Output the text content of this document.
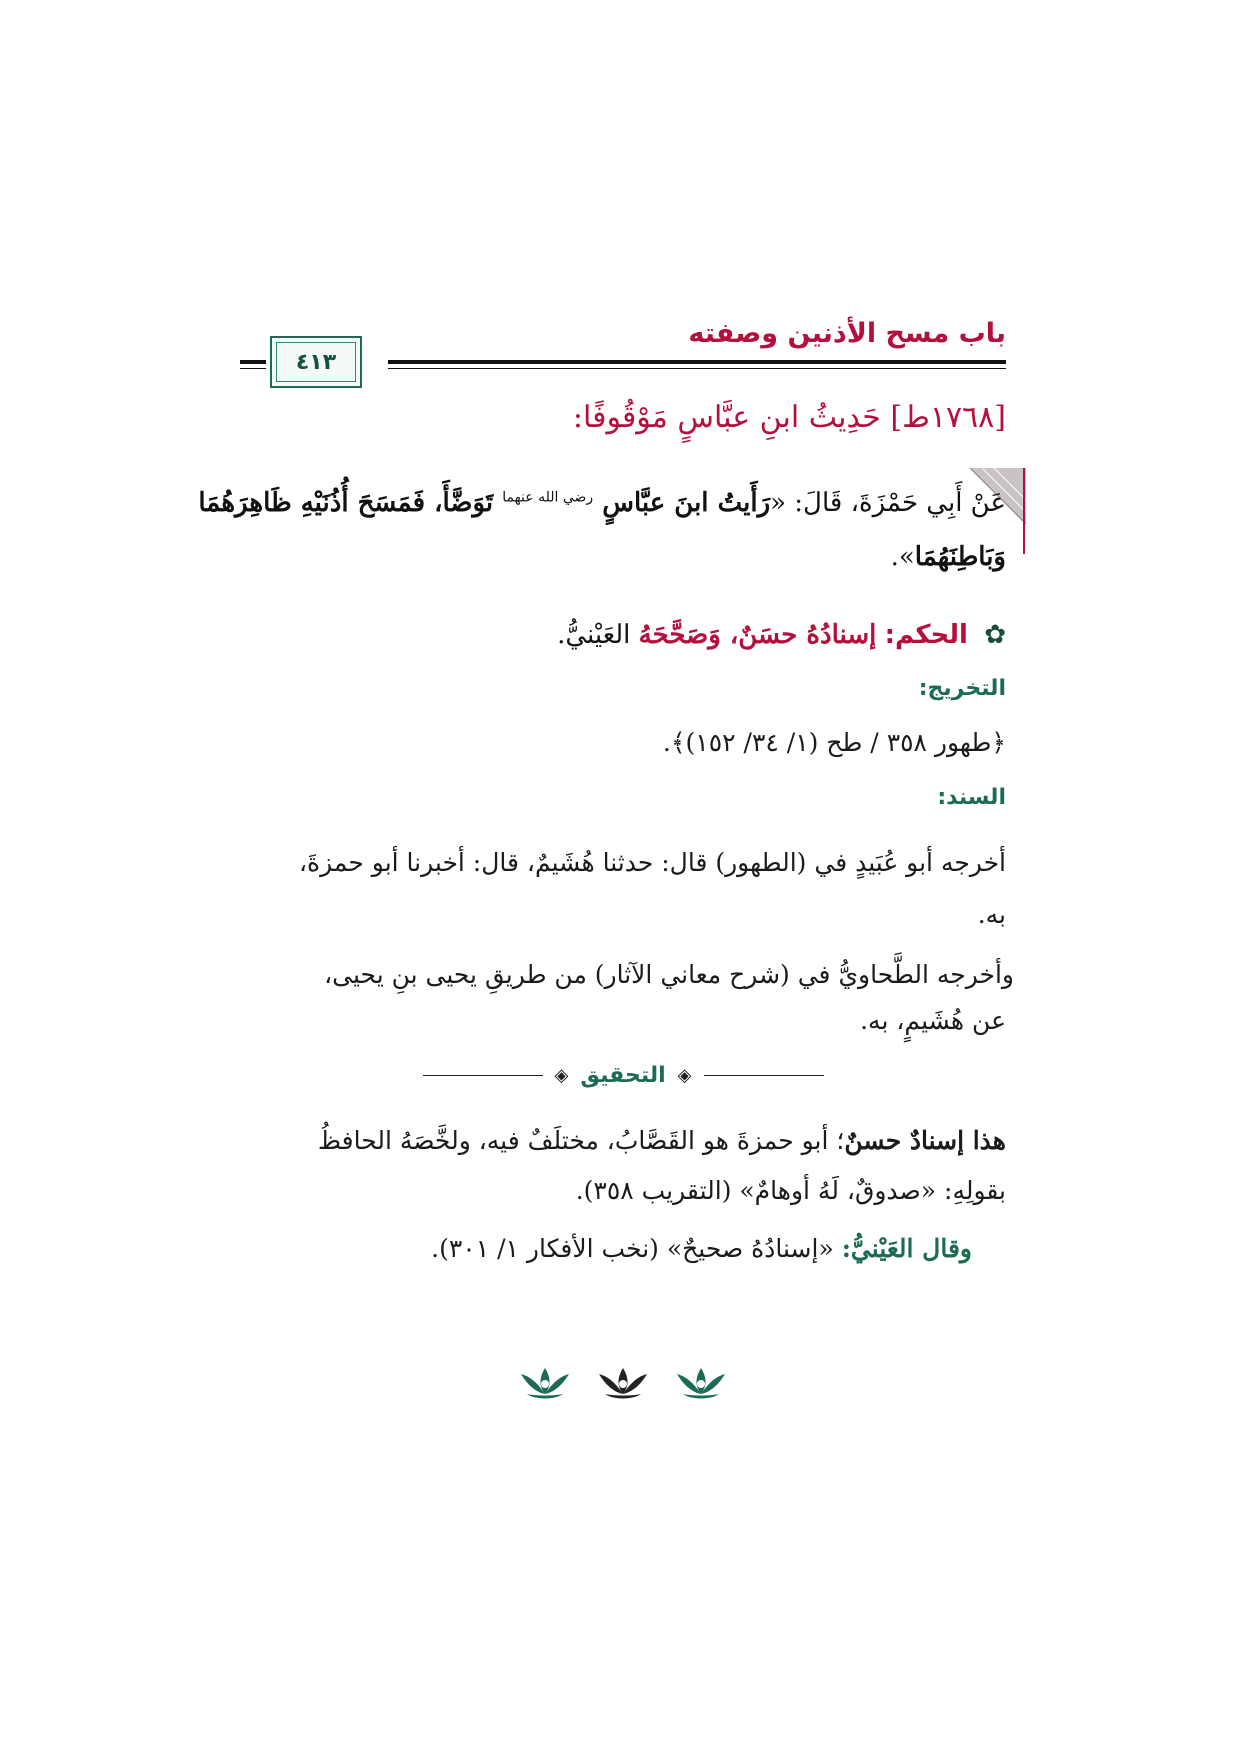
باب مسح الأذنين وصفته
٤١٣
[١٧٦٨ط] حَدِيثُ ابنِ عبَّاسٍ مَوْقُوفًا:
عَنْ أَبِي حَمْزَةَ، قَالَ: «رَأَيتُ ابنَ عبَّاسٍ $^{رضي الله عنهما}$ تَوَضَّأَ، فَمَسَحَ أُذُنَيْهِ ظَاهِرَهُمَا
وَبَاطِنَهُمَا».
✿ الحكم: إسنادُهُ حسَنٌ، وَصَحَّحَهُ العَيْنيُّ.
التخريج:
﴿طهور ٣٥٨ / طح (١/ ٣٤/ ١٥٢)﴾.
السند:
أخرجه أبو عُبَيدٍ في (الطهور) قال: حدثنا هُشَيمٌ، قال: أخبرنا أبو حمزةَ،
به.
وأخرجه الطَّحاويُّ في (شرح معاني الآثار) من طريقِ يحيى بنِ يحيى،
عن هُشَيمٍ، به.
◈
التحقيق
◈
هذا إسنادٌ حسنٌ؛ أبو حمزةَ هو القَصَّابُ، مختلَفٌ فيه، ولخَّصَهُ الحافظُ
بقولِهِ: «صدوقٌ، لَهُ أوهامٌ» (التقريب ٣٥٨).
وقال العَيْنيُّ: «إسنادُهُ صحيحٌ» (نخب الأفكار ١/ ٣٠١).
